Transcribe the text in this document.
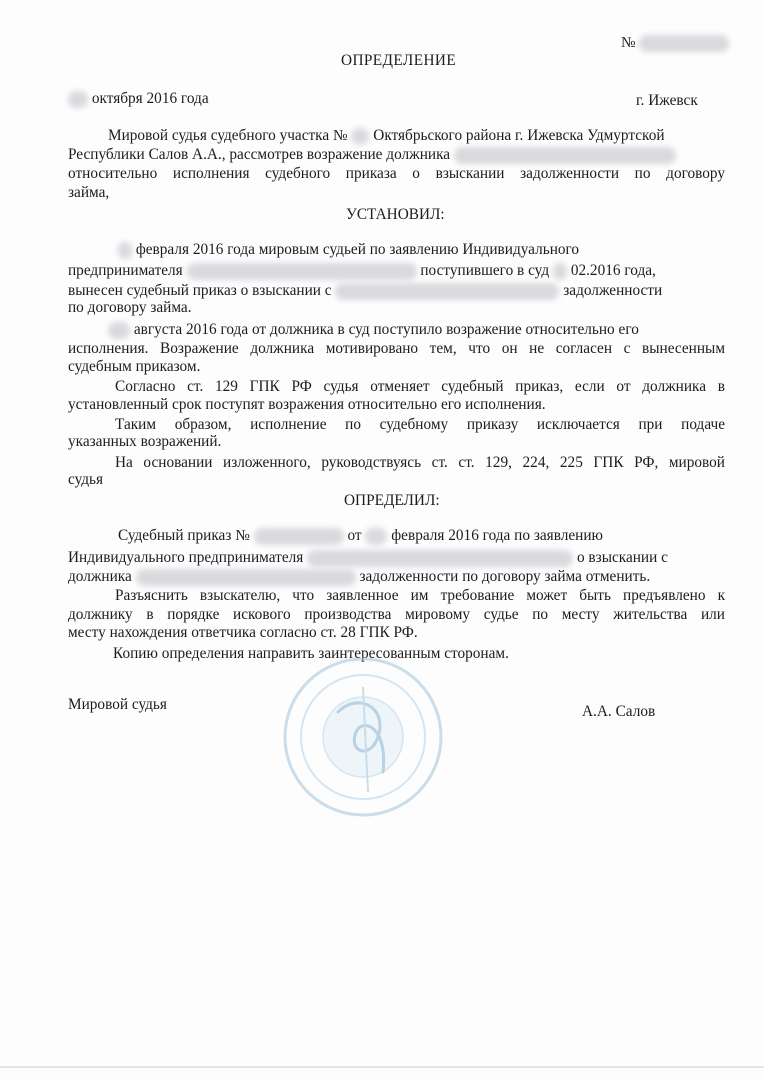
№
ОПРЕДЕЛЕНИЕ
октября 2016 года	г. Ижевск
Мировой судья судебного участка № Октябрьского района г. Ижевска Удмуртской
Республики Салов А.А., рассмотрев возражение должника
относительно исполнения судебного приказа о взыскании задолженности по договору
займа,
УСТАНОВИЛ:
февраля 2016 года мировым судьей по заявлению Индивидуального
предпринимателя	поступившего в суд 02.2016 года,
вынесен судебный приказ о взыскании с	задолженности
по договору займа.
августа 2016 года от должника в суд поступило возражение относительно его
исполнения. Возражение должника мотивировано тем, что он не согласен с вынесенным
судебным приказом.
Согласно ст. 129 ГПК РФ судья отменяет судебный приказ, если от должника в
установленный срок поступят возражения относительно его исполнения.
Таким образом, исполнение по судебному приказу исключается при подаче
указанных возражений.
На основании изложенного, руководствуясь ст. ст. 129, 224, 225 ГПК РФ, мировой
судья
ОПРЕДЕЛИЛ:
Судебный приказ №	от февраля 2016 года по заявлению
Индивидуального предпринимателя	о взыскании с
должника	задолженности по договору займа отменить.
Разъяснить взыскателю, что заявленное им требование может быть предъявлено к
должнику в порядке искового производства мировому судье по месту жительства или
месту нахождения ответчика согласно ст. 28 ГПК РФ.
Копию определения направить заинтересованным сторонам.
Мировой судья	А.А. Салов
